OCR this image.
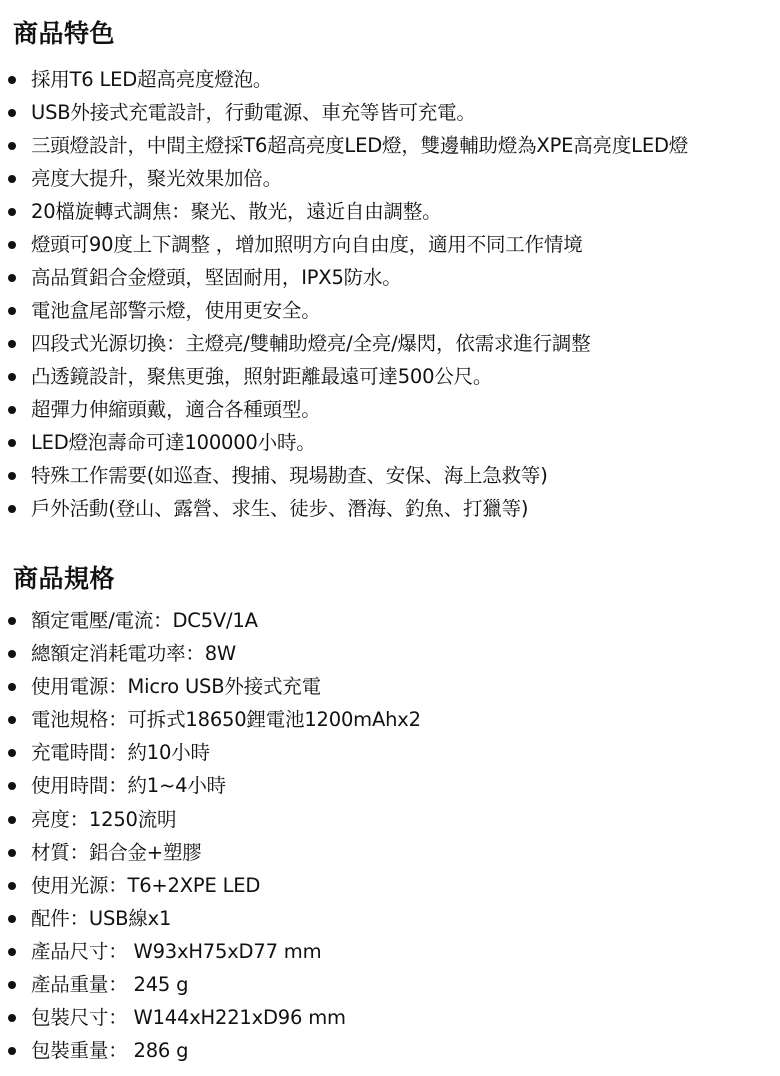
商品特色
採用T6 LED超高亮度燈泡。
USB外接式充電設計，行動電源、車充等皆可充電。
三頭燈設計，中間主燈採T6超高亮度LED燈，雙邊輔助燈為XPE高亮度LED燈
亮度大提升，聚光效果加倍。
20檔旋轉式調焦：聚光、散光，遠近自由調整。
燈頭可90度上下調整 ，增加照明方向自由度，適用不同工作情境
高品質鋁合金燈頭，堅固耐用，IPX5防水。
電池盒尾部警示燈，使用更安全。
四段式光源切換：主燈亮/雙輔助燈亮/全亮/爆閃，依需求進行調整
凸透鏡設計，聚焦更強，照射距離最遠可達500公尺。
超彈力伸縮頭戴，適合各種頭型。
LED燈泡壽命可達100000小時。
特殊工作需要(如巡查、搜捕、現場勘查、安保、海上急救等)
戶外活動(登山、露營、求生、徒步、潛海、釣魚、打獵等)
商品規格
額定電壓/電流：DC5V/1A
總額定消耗電功率：8W
使用電源：Micro USB外接式充電
電池規格：可拆式18650鋰電池1200mAhx2
充電時間：約10小時
使用時間：約1~4小時
亮度：1250流明
材質：鋁合金+塑膠
使用光源：T6+2XPE LED
配件：USB線x1
產品尺寸： W93xH75xD77 mm
產品重量： 245 g
包裝尺寸： W144xH221xD96 mm
包裝重量： 286 g
